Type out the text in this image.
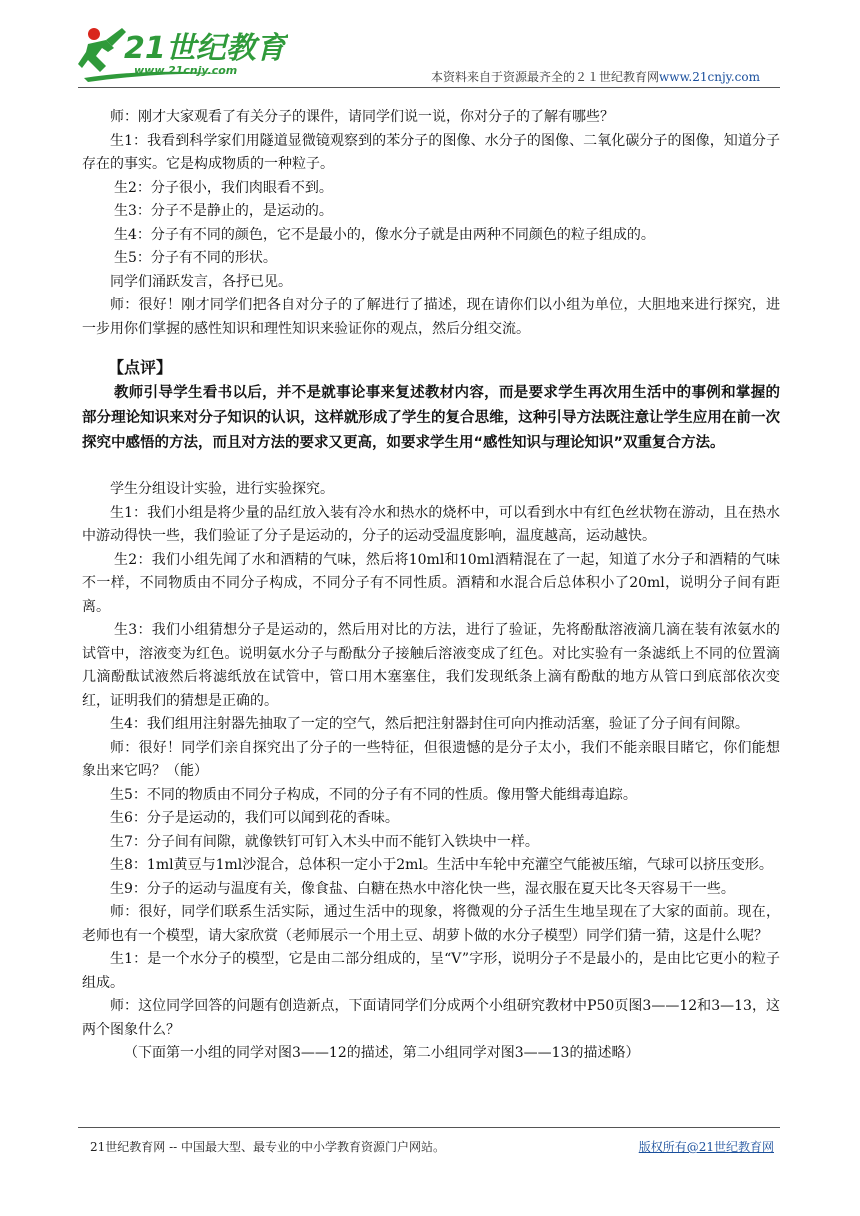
21世纪教育
www.21cnjy.com	本资料来自于资源最齐全的２１世纪教育网www.21cnjy.com

师：刚才大家观看了有关分子的课件，请同学们说一说，你对分子的了解有哪些？

生1：我看到科学家们用隧道显微镜观察到的苯分子的图像、水分子的图像、二氧化碳分子的图像，知道分子存在的事实。它是构成物质的一种粒子。

生2：分子很小，我们肉眼看不到。

生3：分子不是静止的，是运动的。

生4：分子有不同的颜色，它不是最小的，像水分子就是由两种不同颜色的粒子组成的。

生5：分子有不同的形状。

同学们涌跃发言，各抒已见。

师：很好！刚才同学们把各自对分子的了解进行了描述，现在请你们以小组为单位，大胆地来进行探究，进一步用你们掌握的感性知识和理性知识来验证你的观点，然后分组交流。

【点评】

教师引导学生看书以后，并不是就事论事来复述教材内容，而是要求学生再次用生活中的事例和掌握的部分理论知识来对分子知识的认识，这样就形成了学生的复合思维，这种引导方法既注意让学生应用在前一次探究中感悟的方法，而且对方法的要求又更高，如要求学生用“感性知识与理论知识”双重复合方法。

学生分组设计实验，进行实验探究。

生1：我们小组是将少量的品红放入装有冷水和热水的烧杯中，可以看到水中有红色丝状物在游动，且在热水中游动得快一些，我们验证了分子是运动的，分子的运动受温度影响，温度越高，运动越快。

生2：我们小组先闻了水和酒精的气味，然后将10ml和10ml酒精混在了一起，知道了水分子和酒精的气味不一样，不同物质由不同分子构成，不同分子有不同性质。酒精和水混合后总体积小了20ml，说明分子间有距离。

生3：我们小组猜想分子是运动的，然后用对比的方法，进行了验证，先将酚酞溶液滴几滴在装有浓氨水的试管中，溶液变为红色。说明氨水分子与酚酞分子接触后溶液变成了红色。对比实验有一条滤纸上不同的位置滴几滴酚酞试液然后将滤纸放在试管中，管口用木塞塞住，我们发现纸条上滴有酚酞的地方从管口到底部依次变红，证明我们的猜想是正确的。

生4：我们组用注射器先抽取了一定的空气，然后把注射器封住可向内推动活塞，验证了分子间有间隙。

师：很好！同学们亲自探究出了分子的一些特征，但很遗憾的是分子太小，我们不能亲眼目睹它，你们能想象出来它吗？（能）

生5：不同的物质由不同分子构成，不同的分子有不同的性质。像用警犬能缉毒追踪。

生6：分子是运动的，我们可以闻到花的香味。

生7：分子间有间隙，就像铁钉可钉入木头中而不能钉入铁块中一样。

生8：1ml黄豆与1ml沙混合，总体积一定小于2ml。生活中车轮中充灌空气能被压缩，气球可以挤压变形。

生9：分子的运动与温度有关，像食盐、白糖在热水中溶化快一些，湿衣服在夏天比冬天容易干一些。

师：很好，同学们联系生活实际，通过生活中的现象，将微观的分子活生生地呈现在了大家的面前。现在，老师也有一个模型，请大家欣赏（老师展示一个用土豆、胡萝卜做的水分子模型）同学们猜一猜，这是什么呢？

生1：是一个水分子的模型，它是由二部分组成的，呈“V”字形，说明分子不是最小的，是由比它更小的粒子组成。

师：这位同学回答的问题有创造新点，下面请同学们分成两个小组研究教材中P50页图3——12和3—13，这两个图象什么？

（下面第一小组的同学对图3——12的描述，第二小组同学对图3——13的描述略）

21世纪教育网 -- 中国最大型、最专业的中小学教育资源门户网站。	版权所有@21世纪教育网
